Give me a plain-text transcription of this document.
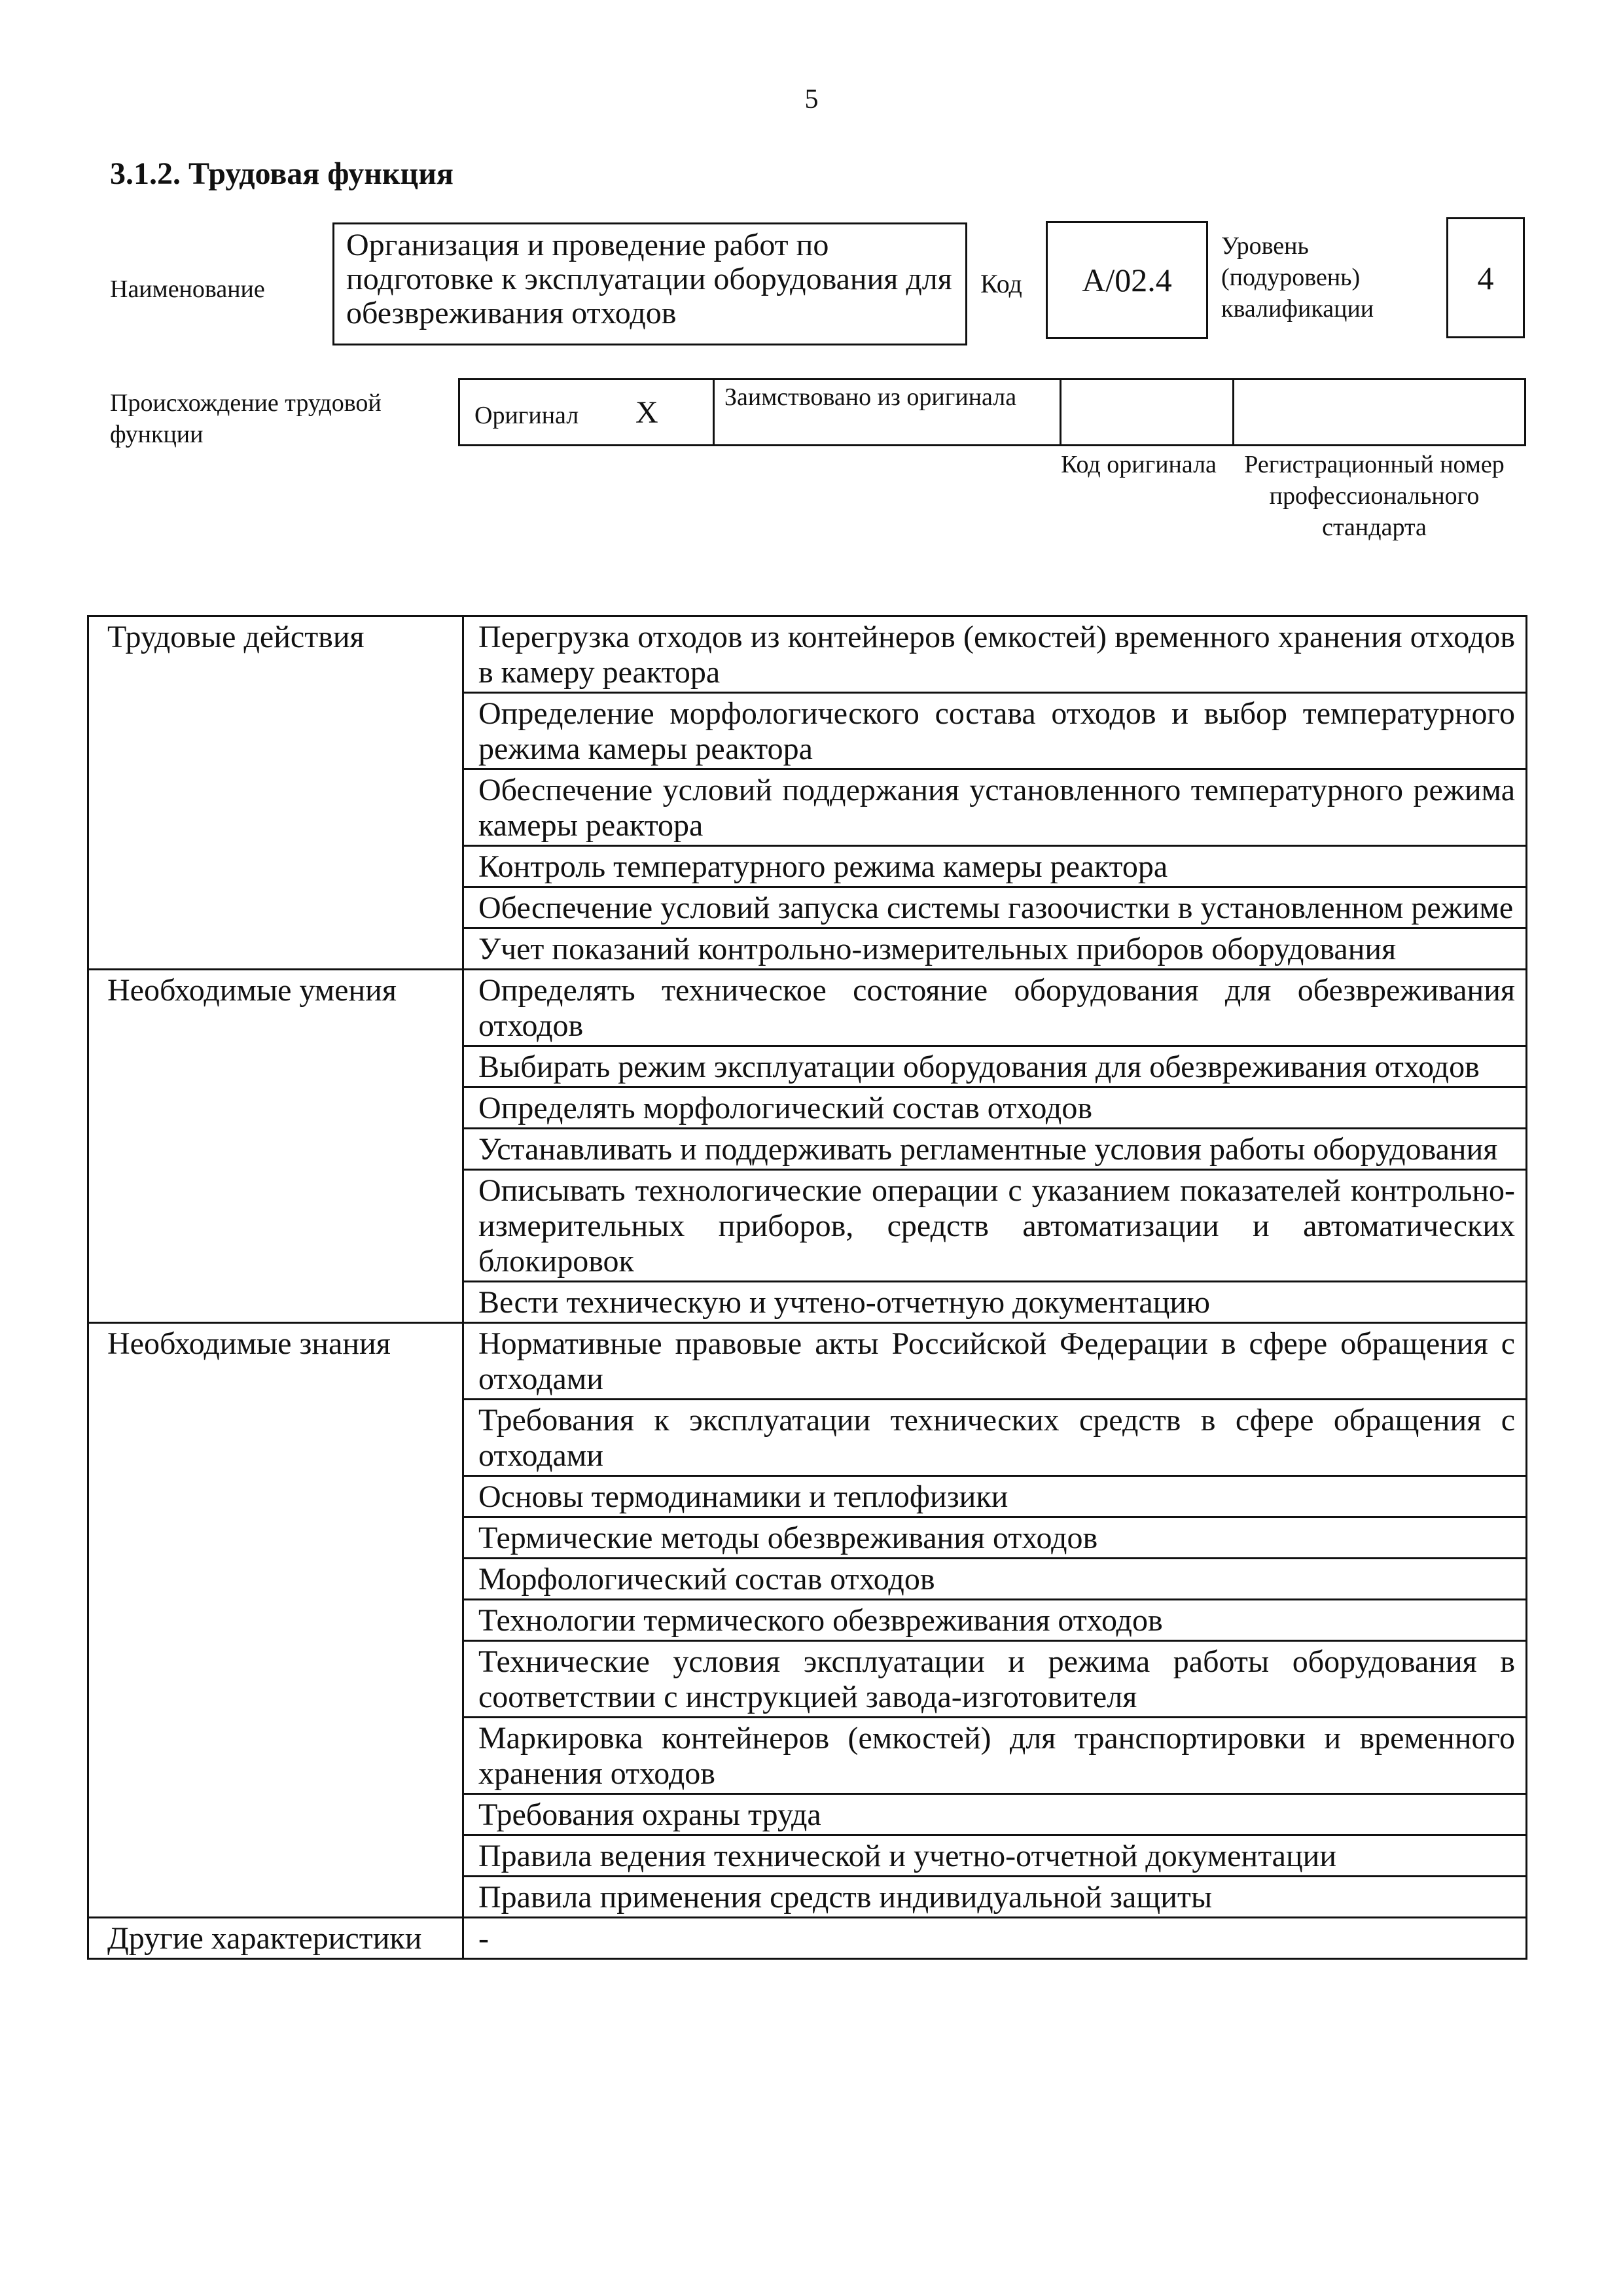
5
3.1.2. Трудовая функция
Наименование
Организация и проведение работ по подготовке к эксплуатации оборудования для обезвреживания отходов
Код А/02.4
Уровень (подуровень) квалификации
4
Происхождение трудовой функции
Оригинал X	Заимствовано из оригинала
Код оригинала Регистрационный номер профессионального стандарта
Трудовые действия	Перегрузка отходов из контейнеров (емкостей) временного хранения отходов в камеру реактора
	Определение морфологического состава отходов и выбор температурного режима камеры реактора
	Обеспечение условий поддержания установленного температурного режима камеры реактора
	Контроль температурного режима камеры реактора
	Обеспечение условий запуска системы газоочистки в установленном режиме
	Учет показаний контрольно-измерительных приборов оборудования
Необходимые умения	Определять техническое состояние оборудования для обезвреживания отходов
	Выбирать режим эксплуатации оборудования для обезвреживания отходов
	Определять морфологический состав отходов
	Устанавливать и поддерживать регламентные условия работы оборудования
	Описывать технологические операции с указанием показателей контрольно-измерительных приборов, средств автоматизации и автоматических блокировок
	Вести техническую и учтено-отчетную документацию
Необходимые знания	Нормативные правовые акты Российской Федерации в сфере обращения с отходами
	Требования к эксплуатации технических средств в сфере обращения с отходами
	Основы термодинамики и теплофизики
	Термические методы обезвреживания отходов
	Морфологический состав отходов
	Технологии термического обезвреживания отходов
	Технические условия эксплуатации и режима работы оборудования в соответствии с инструкцией завода-изготовителя
	Маркировка контейнеров (емкостей) для транспортировки и временного хранения отходов
	Требования охраны труда
	Правила ведения технической и учетно-отчетной документации
	Правила применения средств индивидуальной защиты
Другие характеристики	-
